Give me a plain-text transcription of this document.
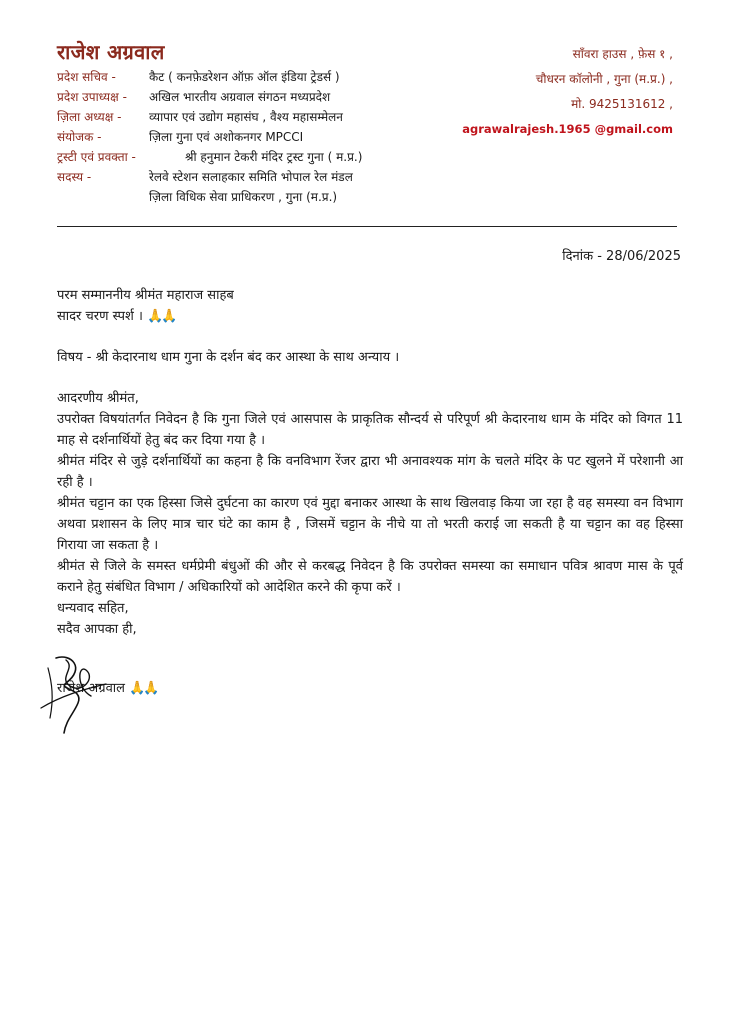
राजेश अग्रवाल
प्रदेश सचिव -	कैट ( कनफ़ेडरेशन ऑफ़ ऑल इंडिया ट्रेडर्स )
प्रदेश उपाध्यक्ष - अखिल भारतीय अग्रवाल संगठन मध्यप्रदेश
ज़िला अध्यक्ष - व्यापार एवं उद्योग महासंघ , वैश्य महासम्मेलन
संयोजक -	ज़िला गुना एवं अशोकनगर MPCCI
ट्रस्टी एवं प्रवक्ता -	श्री हनुमान टेकरी मंदिर ट्रस्ट गुना ( म.प्र.)
सदस्य -	रेलवे स्टेशन सलाहकार समिति भोपाल रेल मंडल
ज़िला विधिक सेवा प्राधिकरण , गुना (म.प्र.)
साँवरा हाउस , फ़ेस १ ,
चौधरन कॉलोनी , गुना (म.प्र.) ,
मो. 9425131612 ,
agrawalrajesh.1965 @gmail.com
दिनांक - 28/06/2025

परम सम्माननीय श्रीमंत महाराज साहब

सादर चरण स्पर्श । 🙏🙏

विषय - श्री केदारनाथ धाम गुना के दर्शन बंद कर आस्था के साथ अन्याय ।

आदरणीय श्रीमंत,

उपरोक्त विषयांतर्गत निवेदन है कि गुना जिले एवं आसपास के प्राकृतिक सौन्दर्य से परिपूर्ण श्री केदारनाथ धाम के मंदिर को विगत 11 माह से दर्शनार्थियों हेतु बंद कर दिया गया है ।

श्रीमंत मंदिर से जुड़े दर्शनार्थियों का कहना है कि वनविभाग रेंजर द्वारा भी अनावश्यक मांग के चलते मंदिर के पट खुलने में परेशानी आ रही है ।

श्रीमंत चट्टान का एक हिस्सा जिसे दुर्घटना का कारण एवं मुद्दा बनाकर आस्था के साथ खिलवाड़ किया जा रहा है वह समस्या वन विभाग अथवा प्रशासन के लिए मात्र चार घंटे का काम है , जिसमें चट्टान के नीचे या तो भरती कराई जा सकती है या चट्टान का वह हिस्सा गिराया जा सकता है ।

श्रीमंत से जिले के समस्त धर्मप्रेमी बंधुओं की और से करबद्ध निवेदन है कि उपरोक्त समस्या का समाधान पवित्र श्रावण मास के पूर्व कराने हेतु संबंधित विभाग / अधिकारियों को आदेशित करने की कृपा करें ।

धन्यवाद सहित,

सदैव आपका ही,

राजेश अग्रवाल 🙏🙏
